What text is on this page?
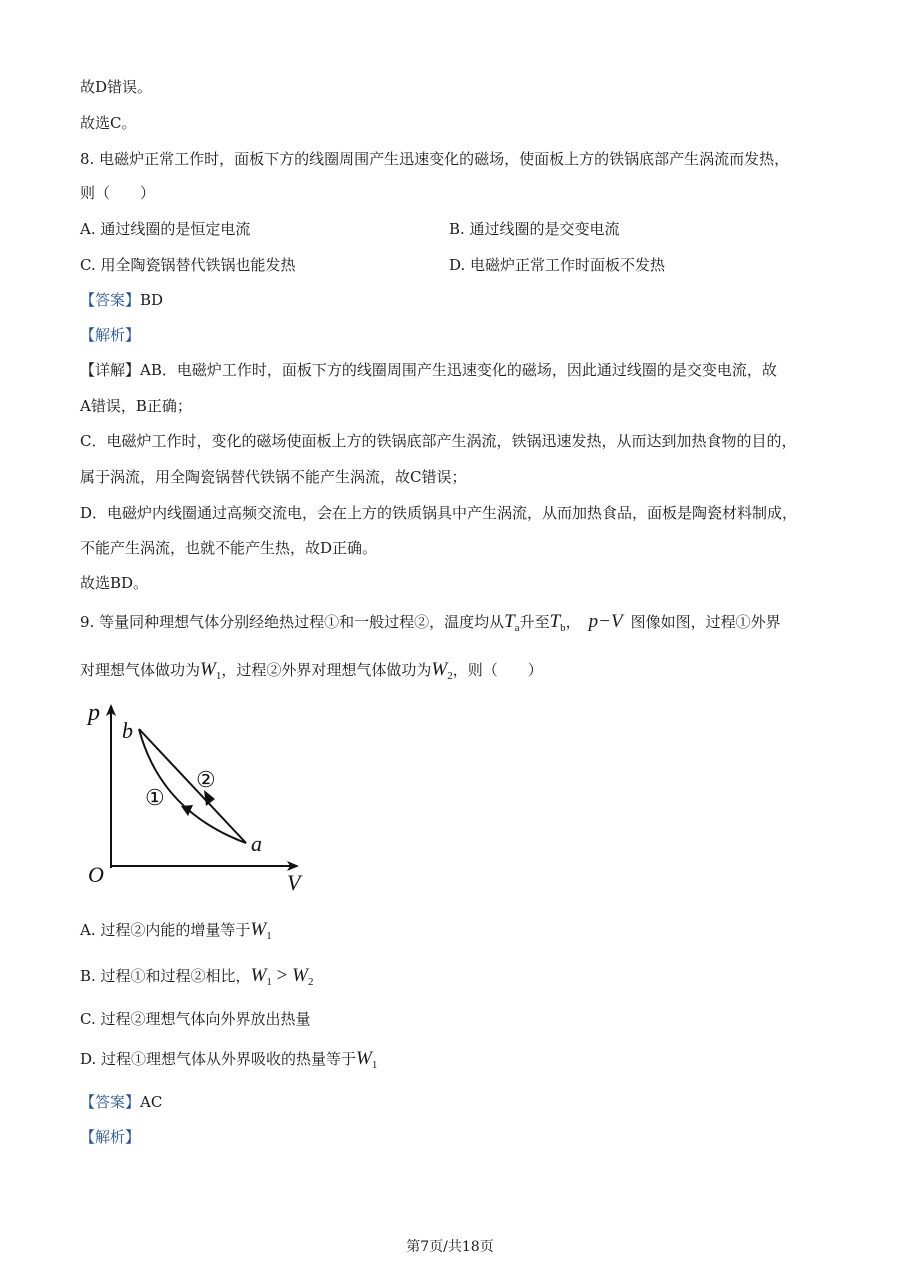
故D错误。
故选C。
8. 电磁炉正常工作时，面板下方的线圈周围产生迅速变化的磁场，使面板上方的铁锅底部产生涡流而发热，
则（　　）
A. 通过线圈的是恒定电流	B. 通过线圈的是交变电流
C. 用全陶瓷锅替代铁锅也能发热	D. 电磁炉正常工作时面板不发热
【答案】BD
【解析】
【详解】AB．电磁炉工作时，面板下方的线圈周围产生迅速变化的磁场，因此通过线圈的是交变电流，故
A错误，B正确；
C．电磁炉工作时，变化的磁场使面板上方的铁锅底部产生涡流，铁锅迅速发热，从而达到加热食物的目的，
属于涡流，用全陶瓷锅替代铁锅不能产生涡流，故C错误；
D．电磁炉内线圈通过高频交流电，会在上方的铁质锅具中产生涡流，从而加热食品，面板是陶瓷材料制成，
不能产生涡流，也就不能产生热，故D正确。
故选BD。
9. 等量同种理想气体分别经绝热过程①和一般过程②，温度均从$T_a$升至$T_b$， p−V 图像如图，过程①外界
对理想气体做功为$W_1$，过程②外界对理想气体做功为$W_2$，则（　　）
p
V
O
b
a
①
②
A. 过程②内能的增量等于$W_1$
B. 过程①和过程②相比，$W_1 > W_2$
C. 过程②理想气体向外界放出热量
D. 过程①理想气体从外界吸收的热量等于$W_1$
【答案】AC
【解析】
第7页/共18页
